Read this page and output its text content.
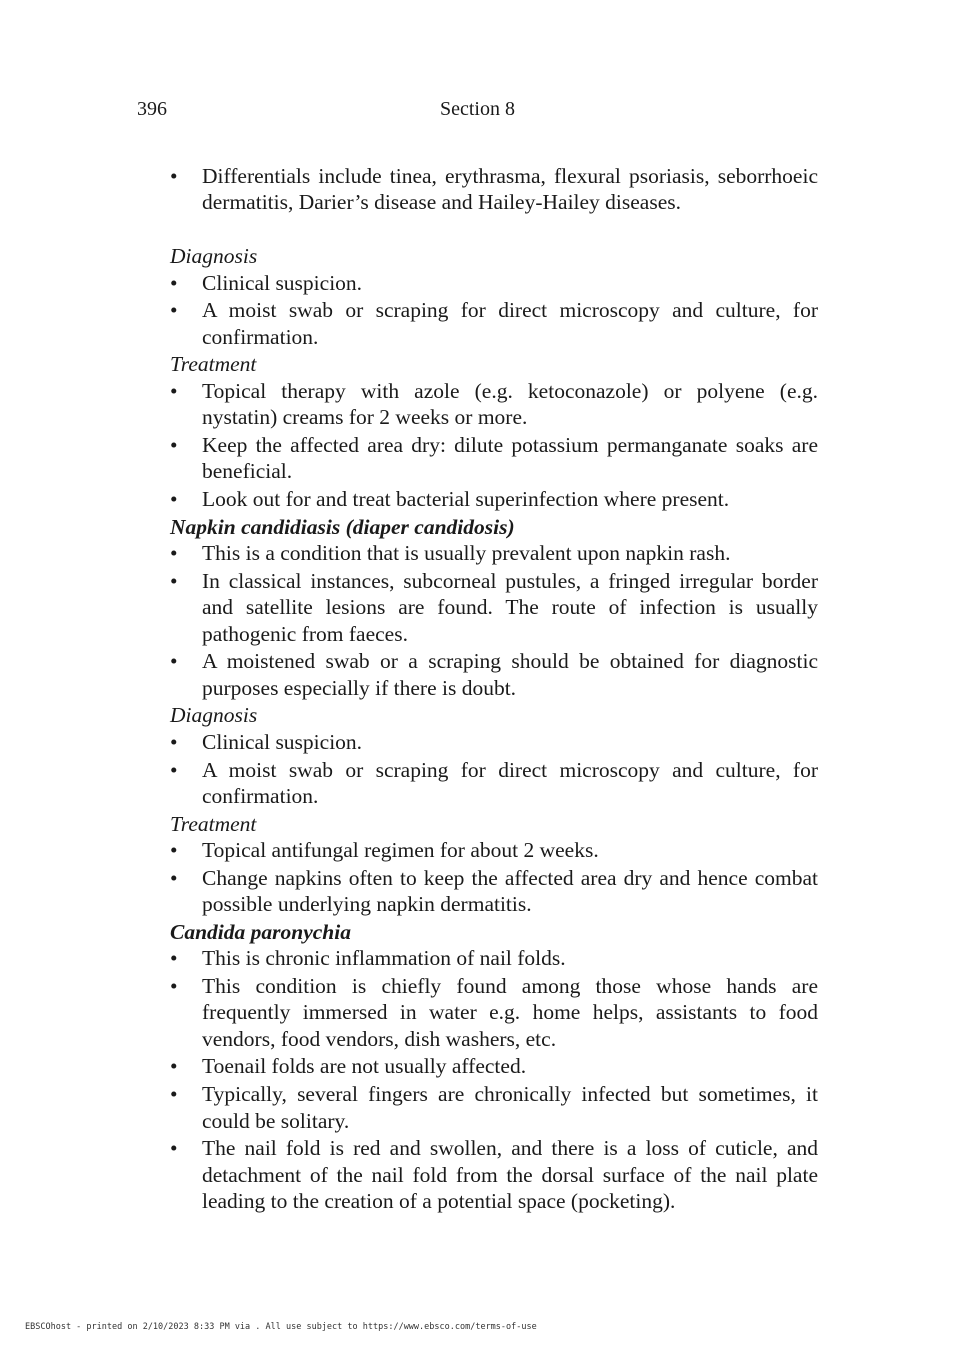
396	Section 8
• Differentials include tinea, erythrasma, flexural psoriasis, seborrhoeic dermatitis, Darier’s disease and Hailey-Hailey diseases.
Diagnosis
• Clinical suspicion.
• A moist swab or scraping for direct microscopy and culture, for confirmation.
Treatment
• Topical therapy with azole (e.g. ketoconazole) or polyene (e.g. nystatin) creams for 2 weeks or more.
• Keep the affected area dry: dilute potassium permanganate soaks are beneficial.
• Look out for and treat bacterial superinfection where present.
Napkin candidiasis (diaper candidosis)
• This is a condition that is usually prevalent upon napkin rash.
• In classical instances, subcorneal pustules, a fringed irregular border and satellite lesions are found. The route of infection is usually pathogenic from faeces.
• A moistened swab or a scraping should be obtained for diagnostic purposes especially if there is doubt.
Diagnosis
• Clinical suspicion.
• A moist swab or scraping for direct microscopy and culture, for confirmation.
Treatment
• Topical antifungal regimen for about 2 weeks.
• Change napkins often to keep the affected area dry and hence combat possible underlying napkin dermatitis.
Candida paronychia
• This is chronic inflammation of nail folds.
• This condition is chiefly found among those whose hands are frequently immersed in water e.g. home helps, assistants to food vendors, food vendors, dish washers, etc.
• Toenail folds are not usually affected.
• Typically, several fingers are chronically infected but sometimes, it could be solitary.
• The nail fold is red and swollen, and there is a loss of cuticle, and detachment of the nail fold from the dorsal surface of the nail plate leading to the creation of a potential space (pocketing).
EBSCOhost - printed on 2/10/2023 8:33 PM via . All use subject to https://www.ebsco.com/terms-of-use
